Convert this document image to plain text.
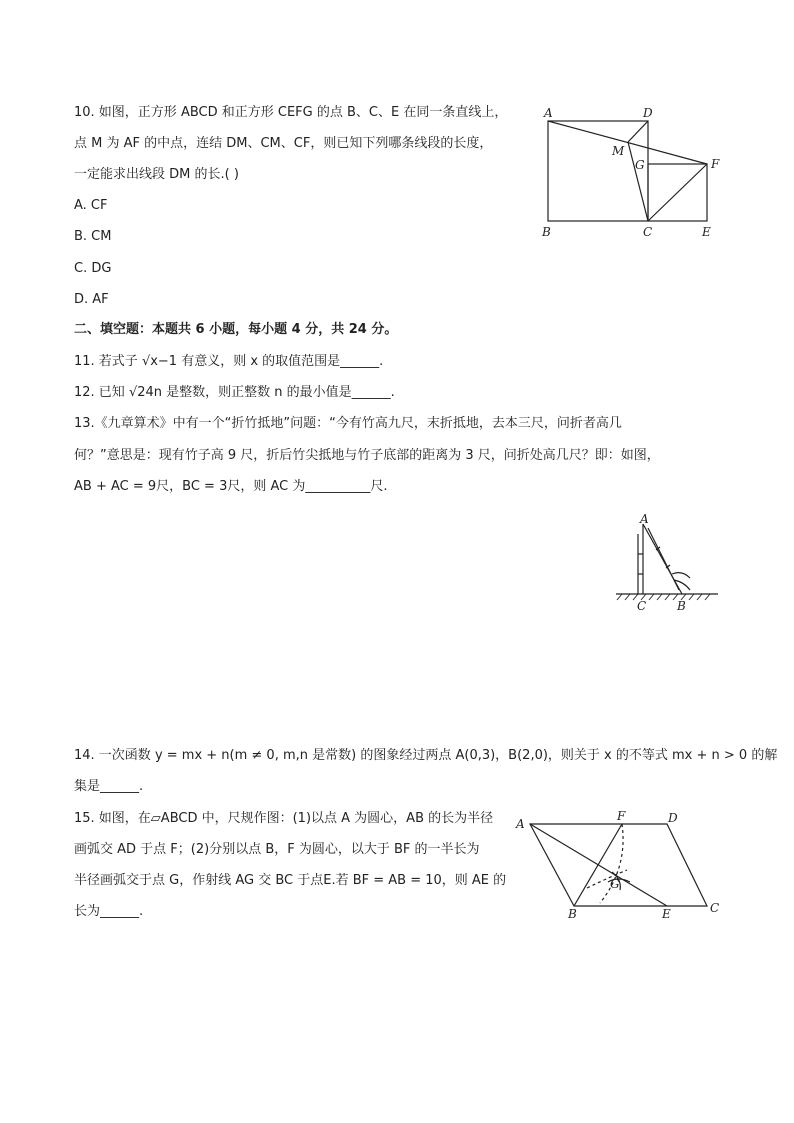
10. 如图，正方形 ABCD 和正方形 CEFG 的点 B、C、E 在同一条直线上，
点 M 为 AF 的中点，连结 DM、CM、CF，则已知下列哪条线段的长度，
一定能求出线段 DM 的长.( )
A. CF
B. CM
C. DG
D. AF
A	D
M
G	F
B	C	E
二、填空题：本题共 6 小题，每小题 4 分，共 24 分。
11. 若式子 √x−1 有意义，则 x 的取值范围是______.
12. 已知 √24n 是整数，则正整数 n 的最小值是______.
13.《九章算术》中有一个“折竹抵地”问题：“今有竹高九尺，末折抵地，去本三尺，问折者高几
何？”意思是：现有竹子高 9 尺，折后竹尖抵地与竹子底部的距离为 3 尺，问折处高几尺？即：如图，
AB + AC = 9尺，BC = 3尺，则 AC 为__________尺.
A
C	B
14. 一次函数 y = mx + n(m ≠ 0, m,n 是常数) 的图象经过两点 A(0,3)，B(2,0)，则关于 x 的不等式 mx + n > 0 的解
集是______.
15. 如图，在▱ABCD 中，尺规作图：(1)以点 A 为圆心，AB 的长为半径
画弧交 AD 于点 F；(2)分别以点 B，F 为圆心，以大于 BF 的一半长为
半径画弧交于点 G，作射线 AG 交 BC 于点E.若 BF = AB = 10，则 AE 的
长为______.
A
F	D
G
B	E	C
